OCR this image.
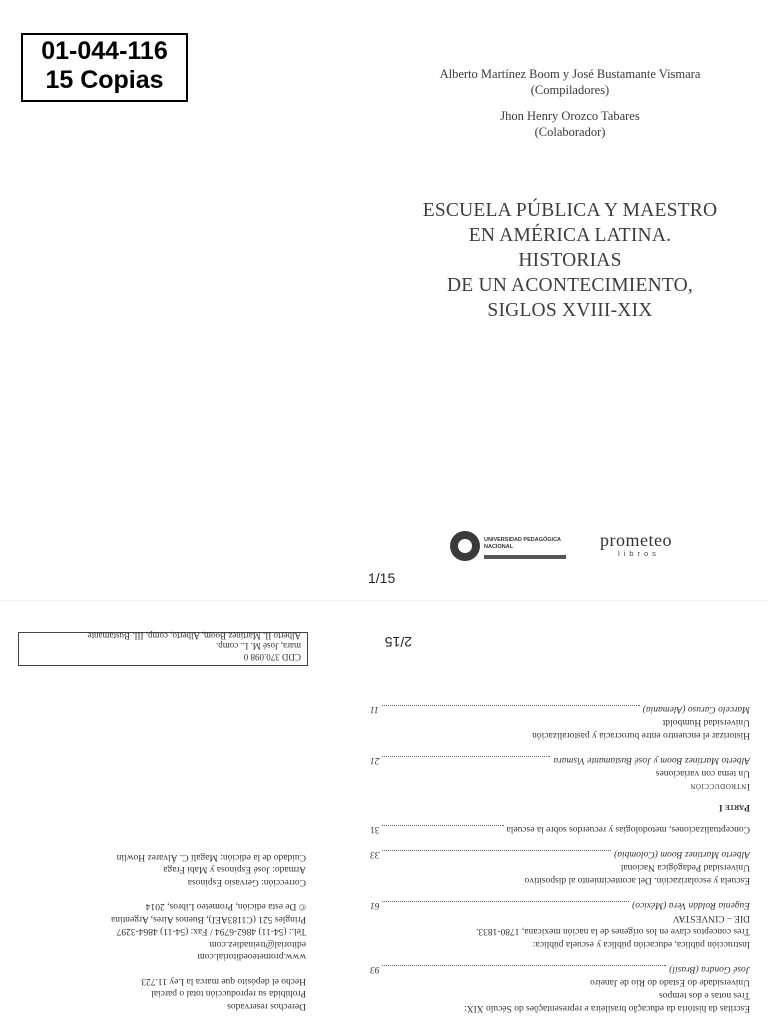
01-044-116
15 Copias	Alberto Martínez Boom y José Bustamante Vismara
(Compiladores)
Jhon Henry Orozco Tabares
(Colaborador)
ESCUELA PÚBLICA Y MAESTRO
EN AMÉRICA LATINA.
HISTORIAS
DE UN ACONTECIMIENTO,
SIGLOS XVIII-XIX
UNIVERSIDAD PEDAGÓGICA
NACIONAL	prometeo
libros
1/15
2/15
Escritas da história da educação brasileira e representações do Século XIX:
Tres notas e dos tempos
Universidade do Estado do Rio de Janeiro
José Gondra (Brasil)
93
Instrucción pública, educación pública y escuela pública:
Tres conceptos clave en los orígenes de la nación mexicana, 1780-1833.
DIE – CINVESTAV
Eugenia Roldán Vera (México)
61
Escuela y escolarización. Del acontecimiento al dispositivo
Universidad Pedagógica Nacional
Alberto Martínez Boom (Colombia)
33
Conceptualizaciones, metodologías y recuerdos sobre la escuela
31
Parte I
Introducción
Un tema con variaciones
Alberto Martínez Boom y José Bustamante Vismara
21
Historizar el encuentro entre burocracia y pastoralización
Universidad Humboldt
Marcelo Caruso (Alemania)
11
Derechos reservados
Prohibida su reproducción total o parcial
Hecho el depósito que marca la Ley 11.723
www.prometeoeditorial.com
editorial@treinadiez.com
Tel.: (54-11) 4862-6794 / Fax: (54-11) 4864-3297
Pringles 521 (C1183AEI), Buenos Aires, Argentina
© De esta edición, Prometeo Libros, 2014
Corrección: Gervasio Espinosa
Armado: José Espinosa y Mabi Fraga
Cuidado de la edición: Magalí C. Álvarez Howlin
CDD 370.098 0
mara, José M. L. comp.
Alberto II. Martínez Boom, Alberto, comp. III. Bustamante
